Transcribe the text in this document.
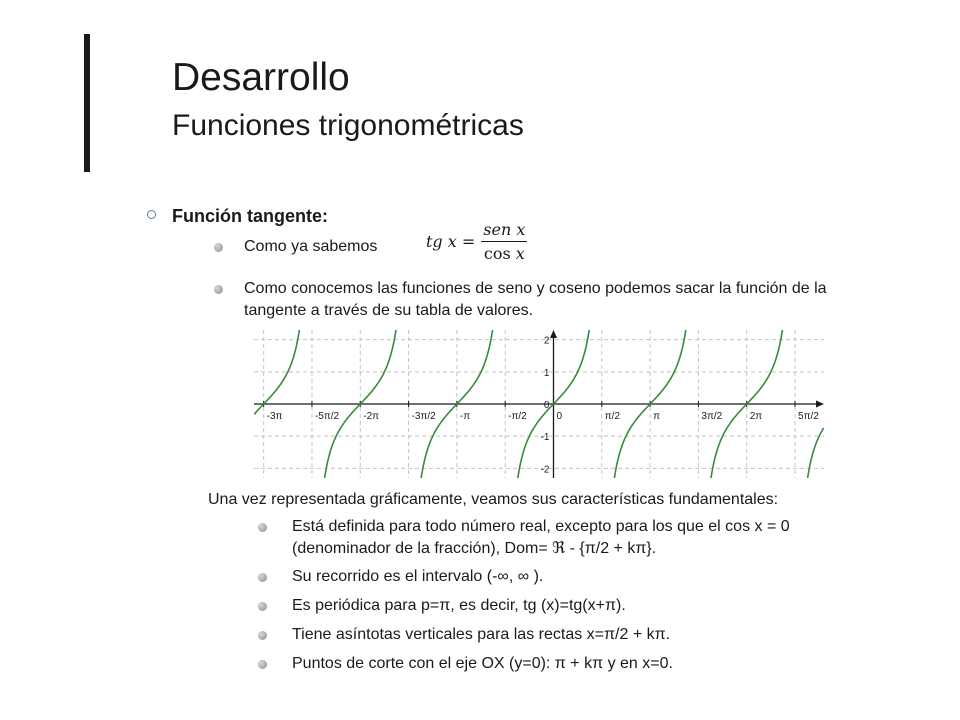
Desarrollo
Funciones trigonométricas
Función tangente:
Como ya sabemos	tg $x = \frac{\text{sen x}}{\text{cos x}}$
Como conocemos las funciones de seno y coseno podemos sacar la función de la tangente a través de su tabla de valores.
-3π	-5π/2 -2π	-3π/2 -π	-π/2	0	π/2	π	3π/2	2π	5π/2
2
1
0
-1
-2
Una vez representada gráficamente, veamos sus características fundamentales:
Está definida para todo número real, excepto para los que el cos x = 0
(denominador de la fracción), Dom= ℜ - {π/2 + kπ}.
Su recorrido es el intervalo (-∞, ∞ ).
Es periódica para p=π, es decir, tg (x)=tg(x+π).
Tiene asíntotas verticales para las rectas x=π/2 + kπ.
Puntos de corte con el eje OX (y=0): π + kπ y en x=0.
